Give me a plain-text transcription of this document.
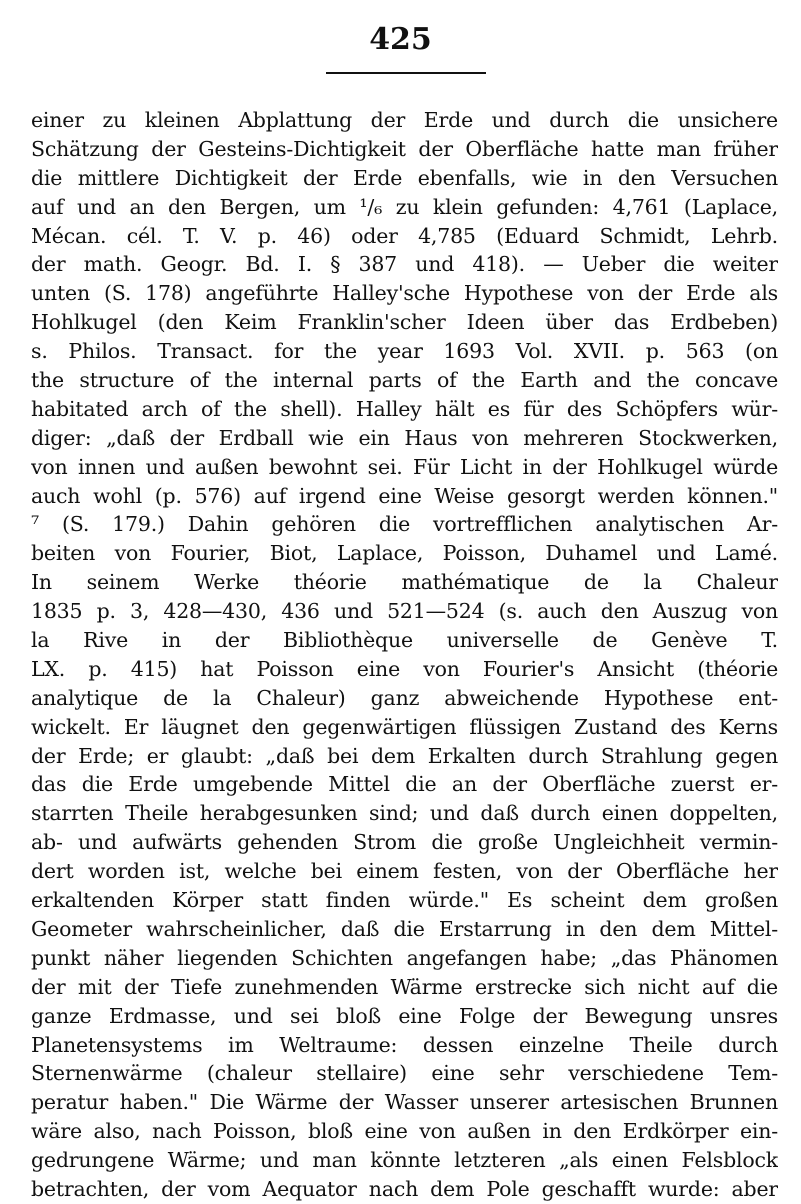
425
einer zu kleinen Abplattung der Erde und durch die unsichere
Schätzung der Gesteins-Dichtigkeit der Oberfläche hatte man früher
die mittlere Dichtigkeit der Erde ebenfalls, wie in den Versuchen
auf und an den Bergen, um ¹/₆ zu klein gefunden: 4,761 (Laplace,
Mécan. cél. T. V. p. 46) oder 4,785 (Eduard Schmidt, Lehrb.
der math. Geogr. Bd. I. § 387 und 418). — Ueber die weiter
unten (S. 178) angeführte Halley'sche Hypothese von der Erde als
Hohlkugel (den Keim Franklin'scher Ideen über das Erdbeben)
s. Philos. Transact. for the year 1693 Vol. XVII. p. 563 (on
the structure of the internal parts of the Earth and the concave
habitated arch of the shell). Halley hält es für des Schöpfers wür-
diger: „daß der Erdball wie ein Haus von mehreren Stockwerken,
von innen und außen bewohnt sei. Für Licht in der Hohlkugel würde
auch wohl (p. 576) auf irgend eine Weise gesorgt werden können."
⁷ (S. 179.) Dahin gehören die vortrefflichen analytischen Ar-
beiten von Fourier, Biot, Laplace, Poisson, Duhamel und Lamé.
In seinem Werke théorie mathématique de la Chaleur
1835 p. 3, 428—430, 436 und 521—524 (s. auch den Auszug von
la Rive in der Bibliothèque universelle de Genève T.
LX. p. 415) hat Poisson eine von Fourier's Ansicht (théorie
analytique de la Chaleur) ganz abweichende Hypothese ent-
wickelt. Er läugnet den gegenwärtigen flüssigen Zustand des Kerns
der Erde; er glaubt: „daß bei dem Erkalten durch Strahlung gegen
das die Erde umgebende Mittel die an der Oberfläche zuerst er-
starrten Theile herabgesunken sind; und daß durch einen doppelten,
ab- und aufwärts gehenden Strom die große Ungleichheit vermin-
dert worden ist, welche bei einem festen, von der Oberfläche her
erkaltenden Körper statt finden würde." Es scheint dem großen
Geometer wahrscheinlicher, daß die Erstarrung in den dem Mittel-
punkt näher liegenden Schichten angefangen habe; „das Phänomen
der mit der Tiefe zunehmenden Wärme erstrecke sich nicht auf die
ganze Erdmasse, und sei bloß eine Folge der Bewegung unsres
Planetensystems im Weltraume: dessen einzelne Theile durch
Sternenwärme (chaleur stellaire) eine sehr verschiedene Tem-
peratur haben." Die Wärme der Wasser unserer artesischen Brunnen
wäre also, nach Poisson, bloß eine von außen in den Erdkörper ein-
gedrungene Wärme; und man könnte letzteren „als einen Felsblock
betrachten, der vom Aequator nach dem Pole geschafft wurde: aber
